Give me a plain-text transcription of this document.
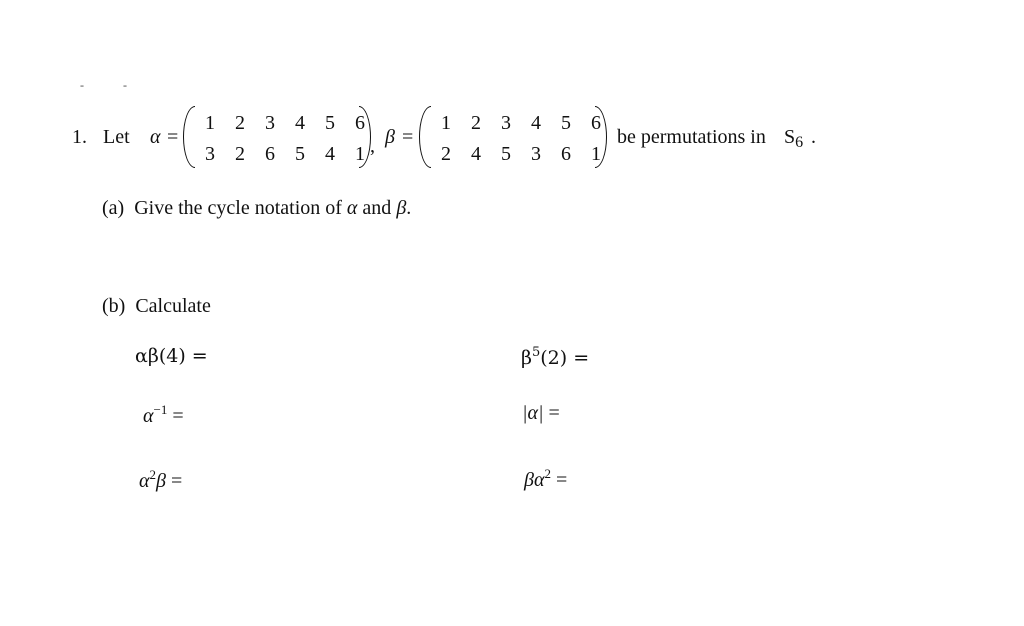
- -
1. Let α =
1	2	3	4	5	6
3	2	6	5	4	1 , β =
1	2	3	4	5	6
2	4	5	3	6	1
be permutations in $S_6$ .
(a) Give the cycle notation of α and β.
(b) Calculate
αβ(4) =
$\alpha^{-1}$ =
$\alpha^2\beta$ =
$\beta^5(2)$ =
|α| =
$\beta\alpha^2$ =
